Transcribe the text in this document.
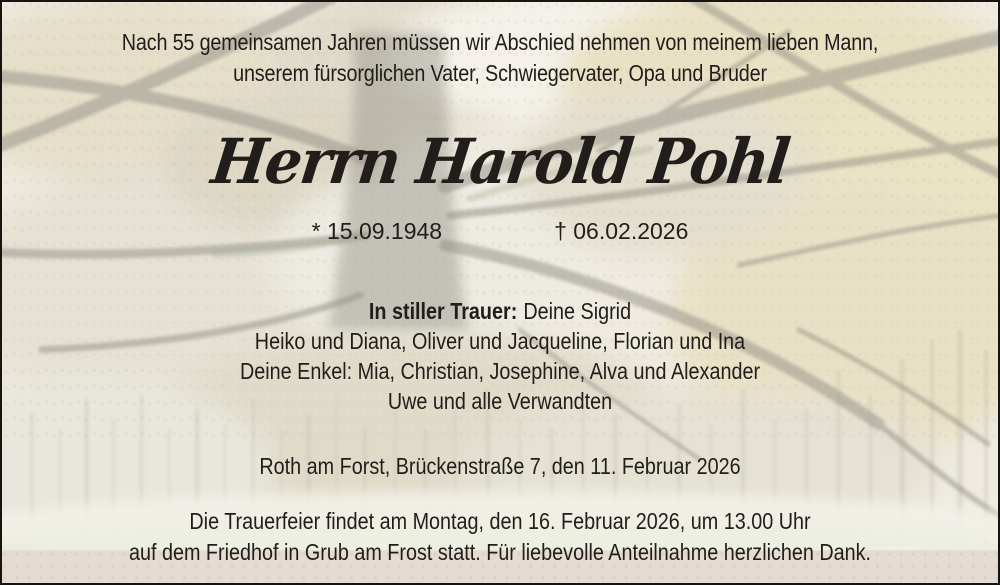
Nach 55 gemeinsamen Jahren müssen wir Abschied nehmen von meinem lieben Mann,
unserem fürsorglichen Vater, Schwiegervater, Opa und Bruder
Herrn Harold Pohl
* 15.09.1948	† 06.02.2026
In stiller Trauer: Deine Sigrid
Heiko und Diana, Oliver und Jacqueline, Florian und Ina
Deine Enkel: Mia, Christian, Josephine, Alva und Alexander
Uwe und alle Verwandten
Roth am Forst, Brückenstraße 7, den 11. Februar 2026
Die Trauerfeier findet am Montag, den 16. Februar 2026, um 13.00 Uhr
auf dem Friedhof in Grub am Frost statt. Für liebevolle Anteilnahme herzlichen Dank.
